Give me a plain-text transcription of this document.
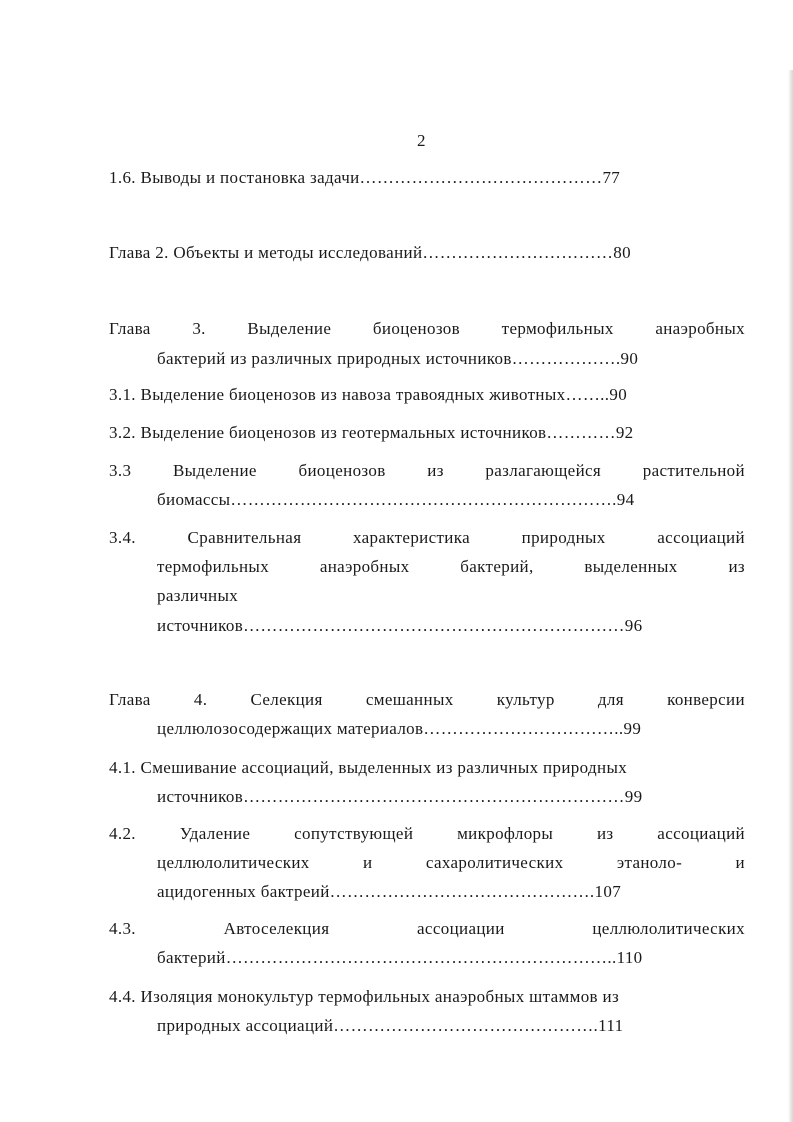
2
1.6. Выводы и постановка задачи……………………………………77
Глава 2. Объекты и методы исследований……………………………80
Глава 3. Выделение биоценозов термофильных анаэробных
бактерий из различных природных источников……………….90
3.1. Выделение биоценозов из навоза травоядных животных……..90
3.2. Выделение биоценозов из геотермальных источников…………92
3.3 Выделение биоценозов из разлагающейся растительной
биомассы………………………………………………………….94
3.4.	Сравнительная	характеристика	природных	ассоциаций
термофильных	анаэробных	бактерий,	выделенных	из
различных
источников…………………………………………………………96
Глава	4.	Селекция	смешанных	культур	для	конверсии
целлюлозосодержащих материалов……………………………..99
4.1. Смешивание ассоциаций, выделенных из различных природных
источников…………………………………………………………99
4.2.	Удаление	сопутствующей	микрофлоры	из	ассоциаций
целлюлолитических	и	сахаролитических	этаноло-	и
ацидогенных бактреий……………………………………….107
4.3.	Автоселекция	ассоциации	целлюлолитических
бактерий…………………………………………………………..110
4.4. Изоляция монокультур термофильных анаэробных штаммов из
природных ассоциаций……………………………………….111
